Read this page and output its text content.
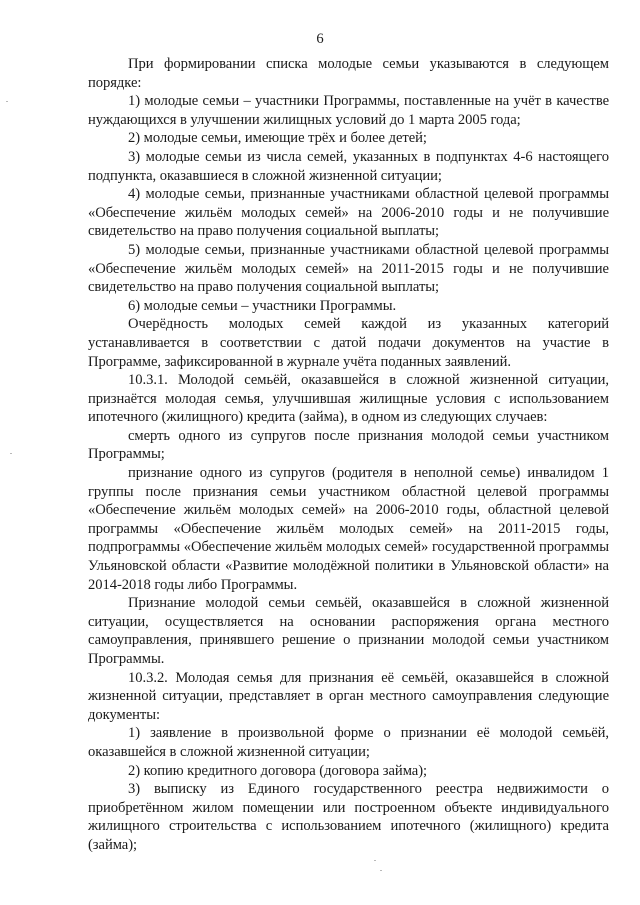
6

При формировании списка молодые семьи указываются в следующем порядке:

1) молодые семьи – участники Программы, поставленные на учёт в качестве нуждающихся в улучшении жилищных условий до 1 марта 2005 года;

2) молодые семьи, имеющие трёх и более детей;

3) молодые семьи из числа семей, указанных в подпунктах 4-6 настоящего подпункта, оказавшиеся в сложной жизненной ситуации;

4) молодые семьи, признанные участниками областной целевой программы «Обеспечение жильём молодых семей» на 2006-2010 годы и не получившие свидетельство на право получения социальной выплаты;

5) молодые семьи, признанные участниками областной целевой программы «Обеспечение жильём молодых семей» на 2011-2015 годы и не получившие свидетельство на право получения социальной выплаты;

6) молодые семьи – участники Программы.

Очерёдность молодых семей каждой из указанных категорий устанавливается в соответствии с датой подачи документов на участие в Программе, зафиксированной в журнале учёта поданных заявлений.

10.3.1. Молодой семьёй, оказавшейся в сложной жизненной ситуации, признаётся молодая семья, улучшившая жилищные условия с использованием ипотечного (жилищного) кредита (займа), в одном из следующих случаев:

смерть одного из супругов после признания молодой семьи участником Программы;

признание одного из супругов (родителя в неполной семье) инвалидом 1 группы после признания семьи участником областной целевой программы «Обеспечение жильём молодых семей» на 2006-2010 годы, областной целевой программы «Обеспечение жильём молодых семей» на 2011-2015 годы, подпрограммы «Обеспечение жильём молодых семей» государственной программы Ульяновской области «Развитие молодёжной политики в Ульяновской области» на 2014-2018 годы либо Программы.

Признание молодой семьи семьёй, оказавшейся в сложной жизненной ситуации, осуществляется на основании распоряжения органа местного самоуправления, принявшего решение о признании молодой семьи участником Программы.

10.3.2. Молодая семья для признания её семьёй, оказавшейся в сложной жизненной ситуации, представляет в орган местного самоуправления следующие документы:

1) заявление в произвольной форме о признании её молодой семьёй, оказавшейся в сложной жизненной ситуации;

2) копию кредитного договора (договора займа);

3) выписку из Единого государственного реестра недвижимости о приобретённом жилом помещении или построенном объекте индивидуального жилищного строительства с использованием ипотечного (жилищного) кредита (займа);
